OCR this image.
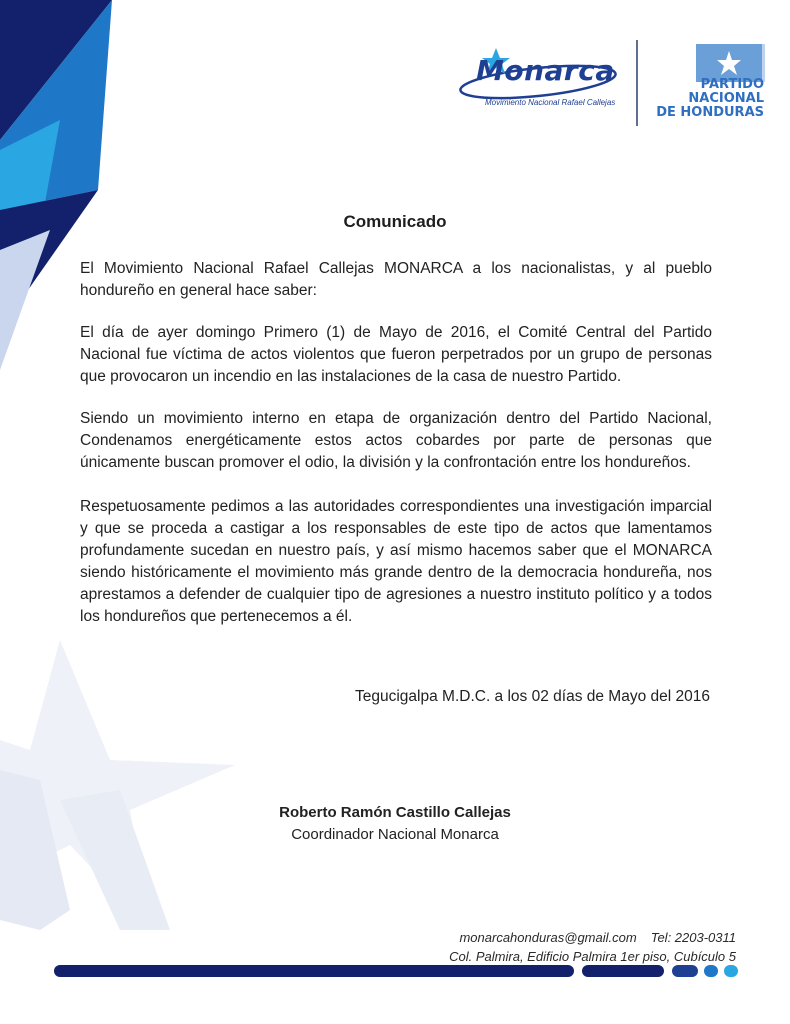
Monarca
Movimiento Nacional Rafael Callejas
PARTIDO
NACIONAL
DE HONDURAS
Comunicado
El Movimiento Nacional Rafael Callejas MONARCA a los nacionalistas, y al pueblo hondureño en general hace saber:
El día de ayer domingo Primero (1) de Mayo de 2016, el Comité Central del Partido Nacional fue víctima de actos violentos que fueron perpetrados por un grupo de personas que provocaron un incendio en las instalaciones de la casa de nuestro Partido.
Siendo un movimiento interno en etapa de organización dentro del Partido Nacional, Condenamos energéticamente estos actos cobardes por parte de personas que únicamente buscan promover el odio, la división y la confrontación entre los hondureños.
Respetuosamente pedimos a las autoridades correspondientes una investigación imparcial y que se proceda a castigar a los responsables de este tipo de actos que lamentamos profundamente sucedan en nuestro país, y así mismo hacemos saber que el MONARCA siendo históricamente el movimiento más grande dentro de la democracia hondureña, nos aprestamos a defender de cualquier tipo de agresiones a nuestro instituto político y a todos los hondureños que pertenecemos a él.
Tegucigalpa M.D.C. a los 02 días de Mayo del 2016
Roberto Ramón Castillo Callejas
Coordinador Nacional Monarca
monarcahonduras@gmail.com Tel: 2203-0311
Col. Palmira, Edificio Palmira 1er piso, Cubículo 5
